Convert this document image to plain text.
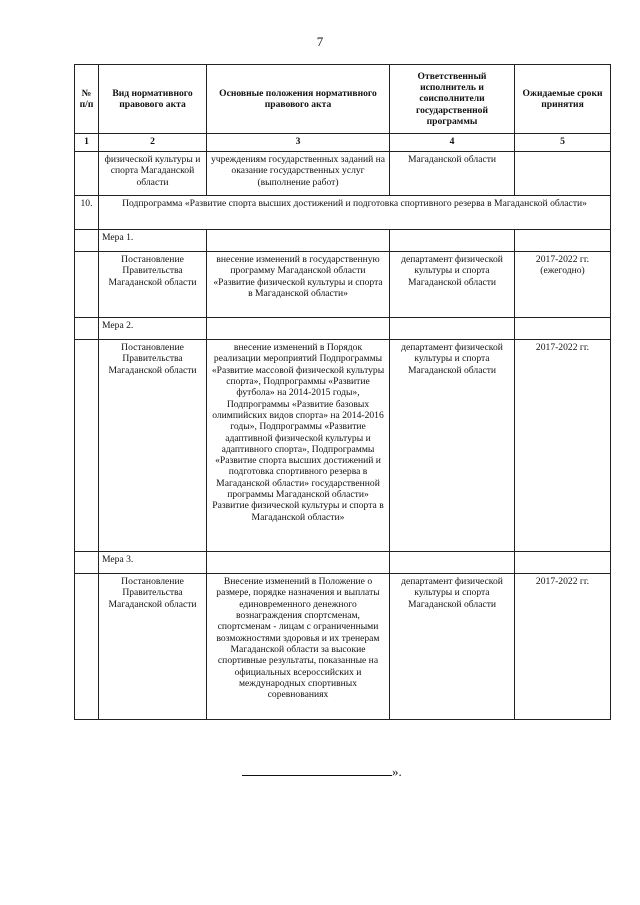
7
№ п/п	Вид нормативного правового акта	Основные положения нормативного правового акта	Ответственный исполнитель и соисполнители государственной программы	Ожидаемые сроки принятия
1	2	3	4	5
	физической культуры и спорта Магаданской области	учреждениям государственных заданий на оказание государственных услуг (выполнение работ)	Магаданской области	
10.	Подпрограмма «Развитие спорта высших достижений и подготовка спортивного резерва в Магаданской области»			
	Мера 1.			
	Постановление Правительства Магаданской области	внесение изменений в государственную программу Магаданской области «Развитие физической культуры и спорта в Магаданской области»	департамент физической культуры и спорта Магаданской области	2017-2022 гг. (ежегодно)
	Мера 2.			
	Постановление Правительства Магаданской области	внесение изменений в Порядок реализации мероприятий Подпрограммы «Развитие массовой физической культуры спорта», Подпрограммы «Развитие футбола» на 2014-2015 годы», Подпрограммы «Развитие базовых олимпийских видов спорта» на 2014-2016 годы», Подпрограммы «Развитие адаптивной физической культуры и адаптивного спорта», Подпрограммы «Развитие спорта высших достижений и подготовка спортивного резерва в Магаданской области» государственной программы Магаданской области» Развитие физической культуры и спорта в Магаданской области»	департамент физической культуры и спорта Магаданской области	2017-2022 гг.
	Мера 3.			
	Постановление Правительства Магаданской области	Внесение изменений в Положение о размере, порядке назначения и выплаты единовременного денежного вознаграждения спортсменам, спортсменам - лицам с ограниченными возможностями здоровья и их тренерам Магаданской области за высокие спортивные результаты, показанные на официальных всероссийских и международных спортивных соревнованиях	департамент физической культуры и спорта Магаданской области	2017-2022 гг.
».
